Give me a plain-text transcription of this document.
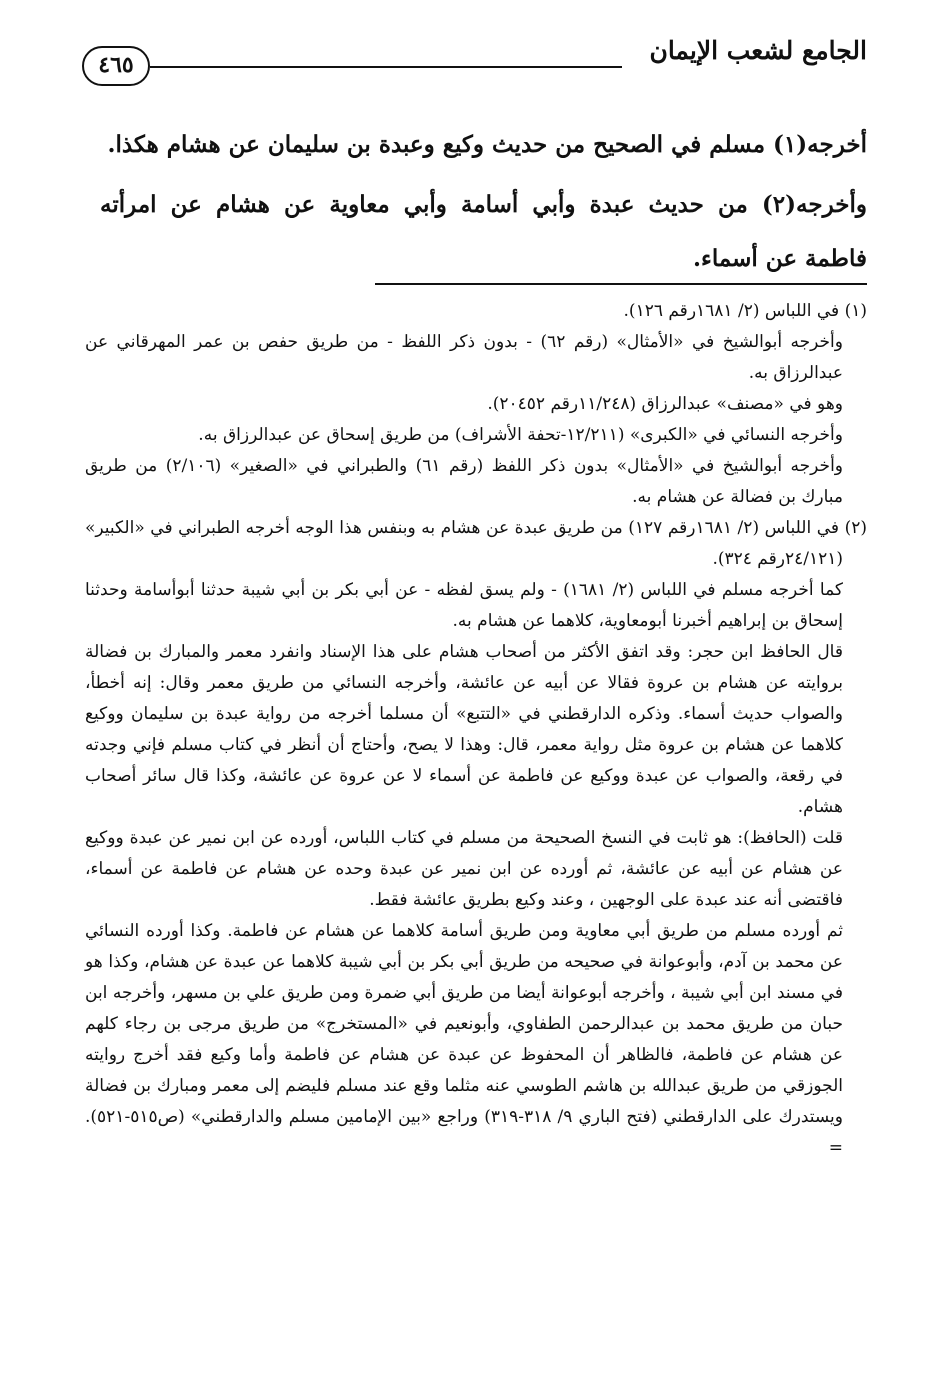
الجامع لشعب الإيمان
٤٦٥

أخرجه(١) مسلم في الصحيح من حديث وكيع وعبدة بن سليمان عن هشام هكذا.

وأخرجه(٢) من حديث عبدة وأبي أسامة وأبي معاوية عن هشام عن امرأته فاطمة عن أسماء.

(١) في اللباس (٢/ ١٦٨١رقم ١٢٦).

وأخرجه أبوالشيخ في «الأمثال» (رقم ٦٢) - بدون ذكر اللفظ - من طريق حفص بن عمر المهرقاني عن عبدالرزاق به.

وهو في «مصنف» عبدالرزاق (١١/٢٤٨رقم ٢٠٤٥٢).

وأخرجه النسائي في «الكبرى» (١٢/٢١١-تحفة الأشراف) من طريق إسحاق عن عبدالرزاق به.

وأخرجه أبوالشيخ في «الأمثال» بدون ذكر اللفظ (رقم ٦١) والطبراني في «الصغير» (٢/١٠٦) من طريق مبارك بن فضالة عن هشام به.

(٢) في اللباس (٢/ ١٦٨١رقم ١٢٧) من طريق عبدة عن هشام به وبنفس هذا الوجه أخرجه الطبراني في «الكبير» (٢٤/١٢١رقم ٣٢٤).

كما أخرجه مسلم في اللباس (٢/ ١٦٨١) - ولم يسق لفظه - عن أبي بكر بن أبي شيبة حدثنا أبوأسامة وحدثنا إسحاق بن إبراهيم أخبرنا أبومعاوية، كلاهما عن هشام به.

قال الحافظ ابن حجر: وقد اتفق الأكثر من أصحاب هشام على هذا الإسناد وانفرد معمر والمبارك بن فضالة بروايته عن هشام بن عروة فقالا عن أبيه عن عائشة، وأخرجه النسائي من طريق معمر وقال: إنه أخطأ، والصواب حديث أسماء. وذكره الدارقطني في «التتبع» أن مسلما أخرجه من رواية عبدة بن سليمان ووكيع كلاهما عن هشام بن عروة مثل رواية معمر، قال: وهذا لا يصح، وأحتاج أن أنظر في كتاب مسلم فإني وجدته في رقعة، والصواب عن عبدة ووكيع عن فاطمة عن أسماء لا عن عروة عن عائشة، وكذا قال سائر أصحاب هشام.

قلت (الحافظ): هو ثابت في النسخ الصحيحة من مسلم في كتاب اللباس، أورده عن ابن نمير عن عبدة ووكيع عن هشام عن أبيه عن عائشة، ثم أورده عن ابن نمير عن عبدة وحده عن هشام عن فاطمة عن أسماء، فاقتضى أنه عند عبدة على الوجهين ، وعند وكيع بطريق عائشة فقط.

ثم أورده مسلم من طريق أبي معاوية ومن طريق أسامة كلاهما عن هشام عن فاطمة. وكذا أورده النسائي عن محمد بن آدم، وأبوعوانة في صحيحه من طريق أبي بكر بن أبي شيبة كلاهما عن عبدة عن هشام، وكذا هو في مسند ابن أبي شيبة ، وأخرجه أبوعوانة أيضا من طريق أبي ضمرة ومن طريق علي بن مسهر، وأخرجه ابن حبان من طريق محمد بن عبدالرحمن الطفاوي، وأبونعيم في «المستخرج» من طريق مرجى بن رجاء كلهم عن هشام عن فاطمة، فالظاهر أن المحفوظ عن عبدة عن هشام عن فاطمة وأما وكيع فقد أخرج روايته الجوزقي من طريق عبدالله بن هاشم الطوسي عنه مثلما وقع عند مسلم فليضم إلى معمر ومبارك بن فضالة ويستدرك على الدارقطني (فتح الباري ٩/ ٣١٨-٣١٩) وراجع «بين الإمامين مسلم والدارقطني» (ص٥١٥-٥٢١). =
